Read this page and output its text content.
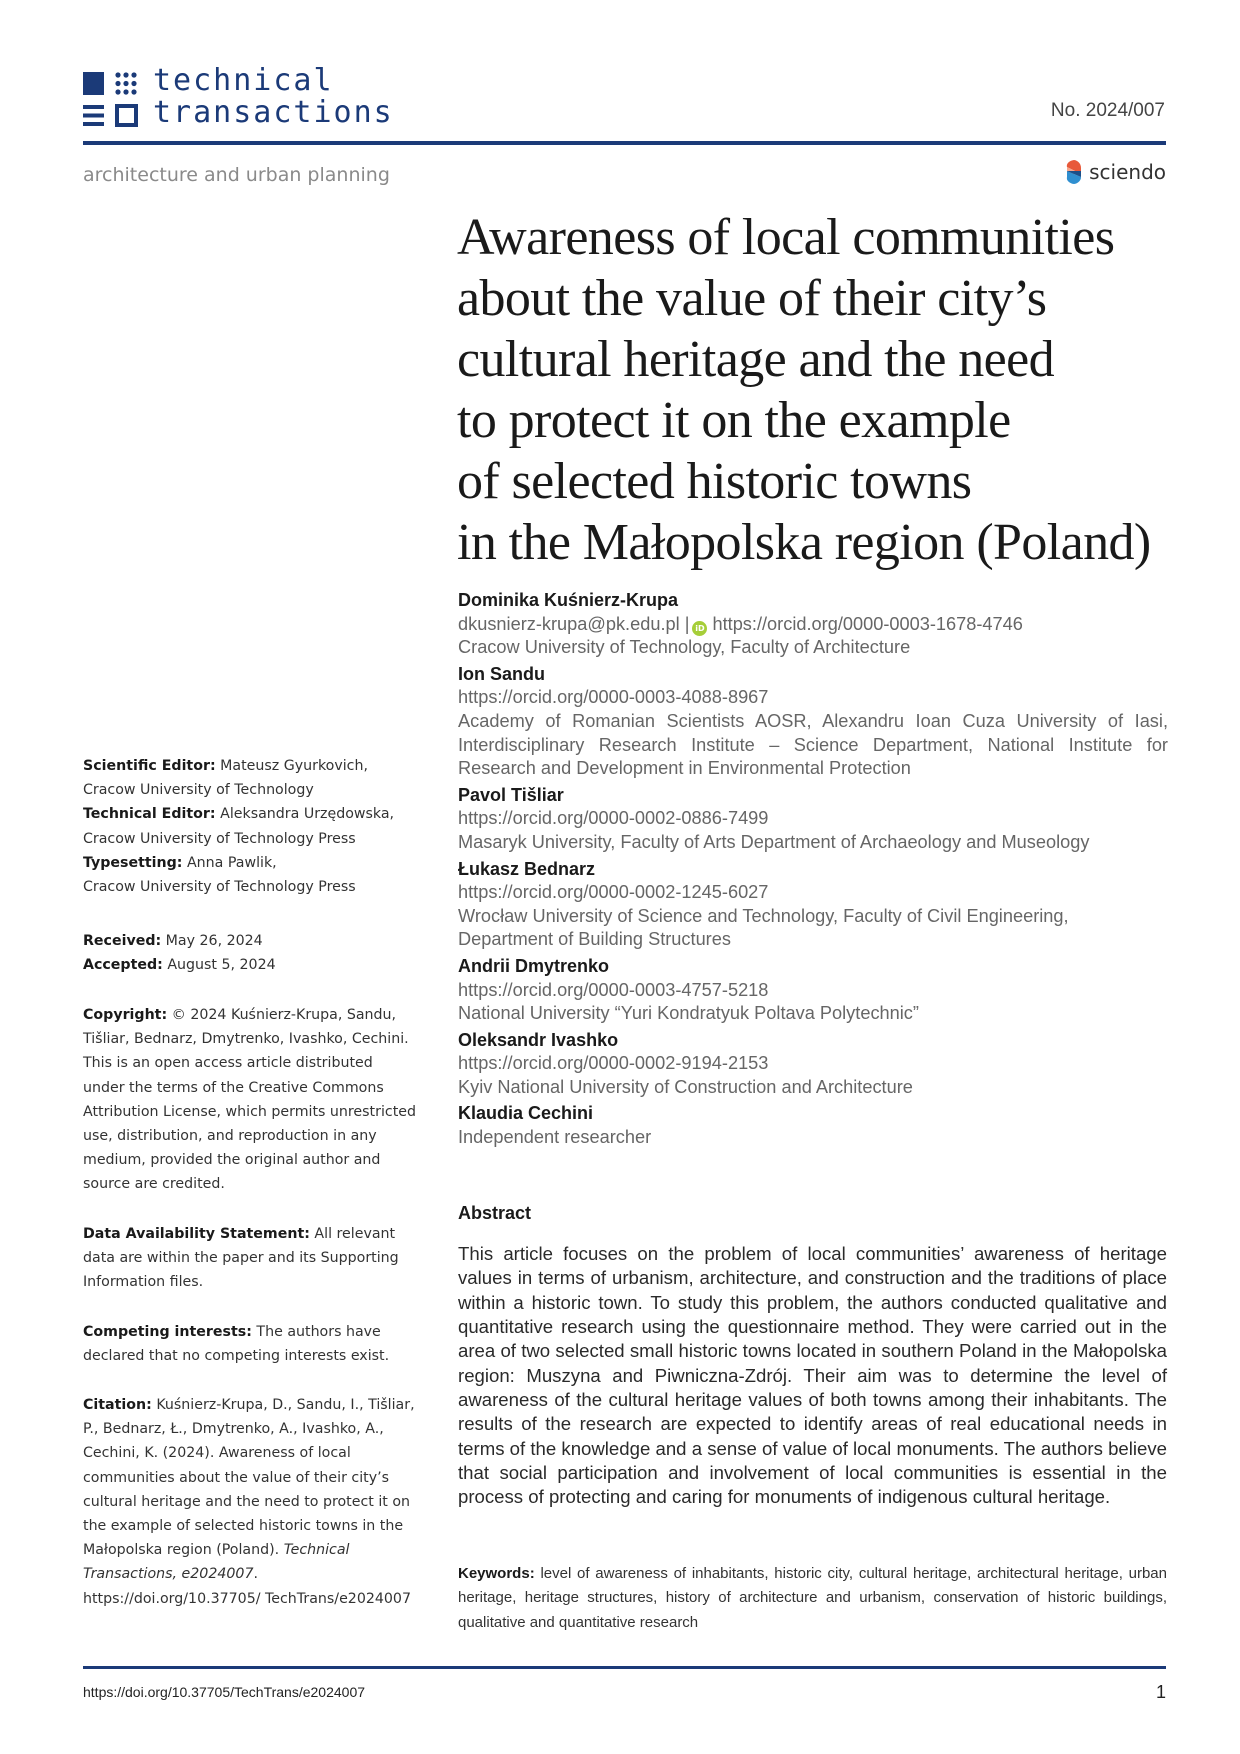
technical
transactions	No. 2024/007
architecture and urban planning	sciendo
Awareness of local communities
about the value of their city’s
cultural heritage and the need
to protect it on the example
of selected historic towns
in the Małopolska region (Poland)
Dominika Kuśnierz-Krupa
dkusnierz-krupa@pk.edu.pl | iD https://orcid.org/0000-0003-1678-4746
Cracow University of Technology, Faculty of Architecture
Ion Sandu
https://orcid.org/0000-0003-4088-8967
Academy of Romanian Scientists AOSR, Alexandru Ioan Cuza University of Iasi, Interdisciplinary Research Institute – Science Department, National Institute for Research and Development in Environmental Protection
Pavol Tišliar
https://orcid.org/0000-0002-0886-7499
Masaryk University, Faculty of Arts Department of Archaeology and Museology
Łukasz Bednarz
https://orcid.org/0000-0002-1245-6027
Wrocław University of Science and Technology, Faculty of Civil Engineering, Department of Building Structures
Andrii Dmytrenko
https://orcid.org/0000-0003-4757-5218
National University “Yuri Kondratyuk Poltava Polytechnic”
Oleksandr Ivashko
https://orcid.org/0000-0002-9194-2153
Kyiv National University of Construction and Architecture
Klaudia Cechini
Independent researcher
Abstract
This article focuses on the problem of local communities’ awareness of heritage values in terms of urbanism, architecture, and construction and the traditions of place within a historic town. To study this problem, the authors conducted qualitative and quantitative research using the questionnaire method. They were carried out in the area of two selected small historic towns located in southern Poland in the Małopolska region: Muszyna and Piwniczna-Zdrój. Their aim was to determine the level of awareness of the cultural heritage values of both towns among their inhabitants. The results of the research are expected to identify areas of real educational needs in terms of the knowledge and a sense of value of local monuments. The authors believe that social participation and involvement of local communities is essential in the process of protecting and caring for monuments of indigenous cultural heritage.
Keywords: level of awareness of inhabitants, historic city, cultural heritage, architectural heritage, urban heritage, heritage structures, history of architecture and urbanism, conservation of historic buildings, qualitative and quantitative research

Scientific Editor: Mateusz Gyurkovich,

Cracow University of Technology

Technical Editor: Aleksandra Urzędowska,

Cracow University of Technology Press

Typesetting: Anna Pawlik,

Cracow University of Technology Press

Received: May 26, 2024

Accepted: August 5, 2024

Copyright: © 2024 Kuśnierz-Krupa, Sandu, Tišliar, Bednarz, Dmytrenko, Ivashko, Cechini. This is an open access article distributed under the terms of the Creative Commons Attribution License, which permits unrestricted use, distribution, and reproduction in any medium, provided the original author and source are credited.

Data Availability Statement: All relevant data are within the paper and its Supporting Information files.

Competing interests: The authors have declared that no competing interests exist.

Citation: Kuśnierz-Krupa, D., Sandu, I., Tišliar, P., Bednarz, Ł., Dmytrenko, A., Ivashko, A., Cechini, K. (2024). Awareness of local communities about the value of their city’s cultural heritage and the need to protect it on the example of selected historic towns in the Małopolska region (Poland). Technical Transactions, e2024007. https://doi.org/10.37705/ TechTrans/e2024007

https://doi.org/10.37705/TechTrans/e2024007	1
